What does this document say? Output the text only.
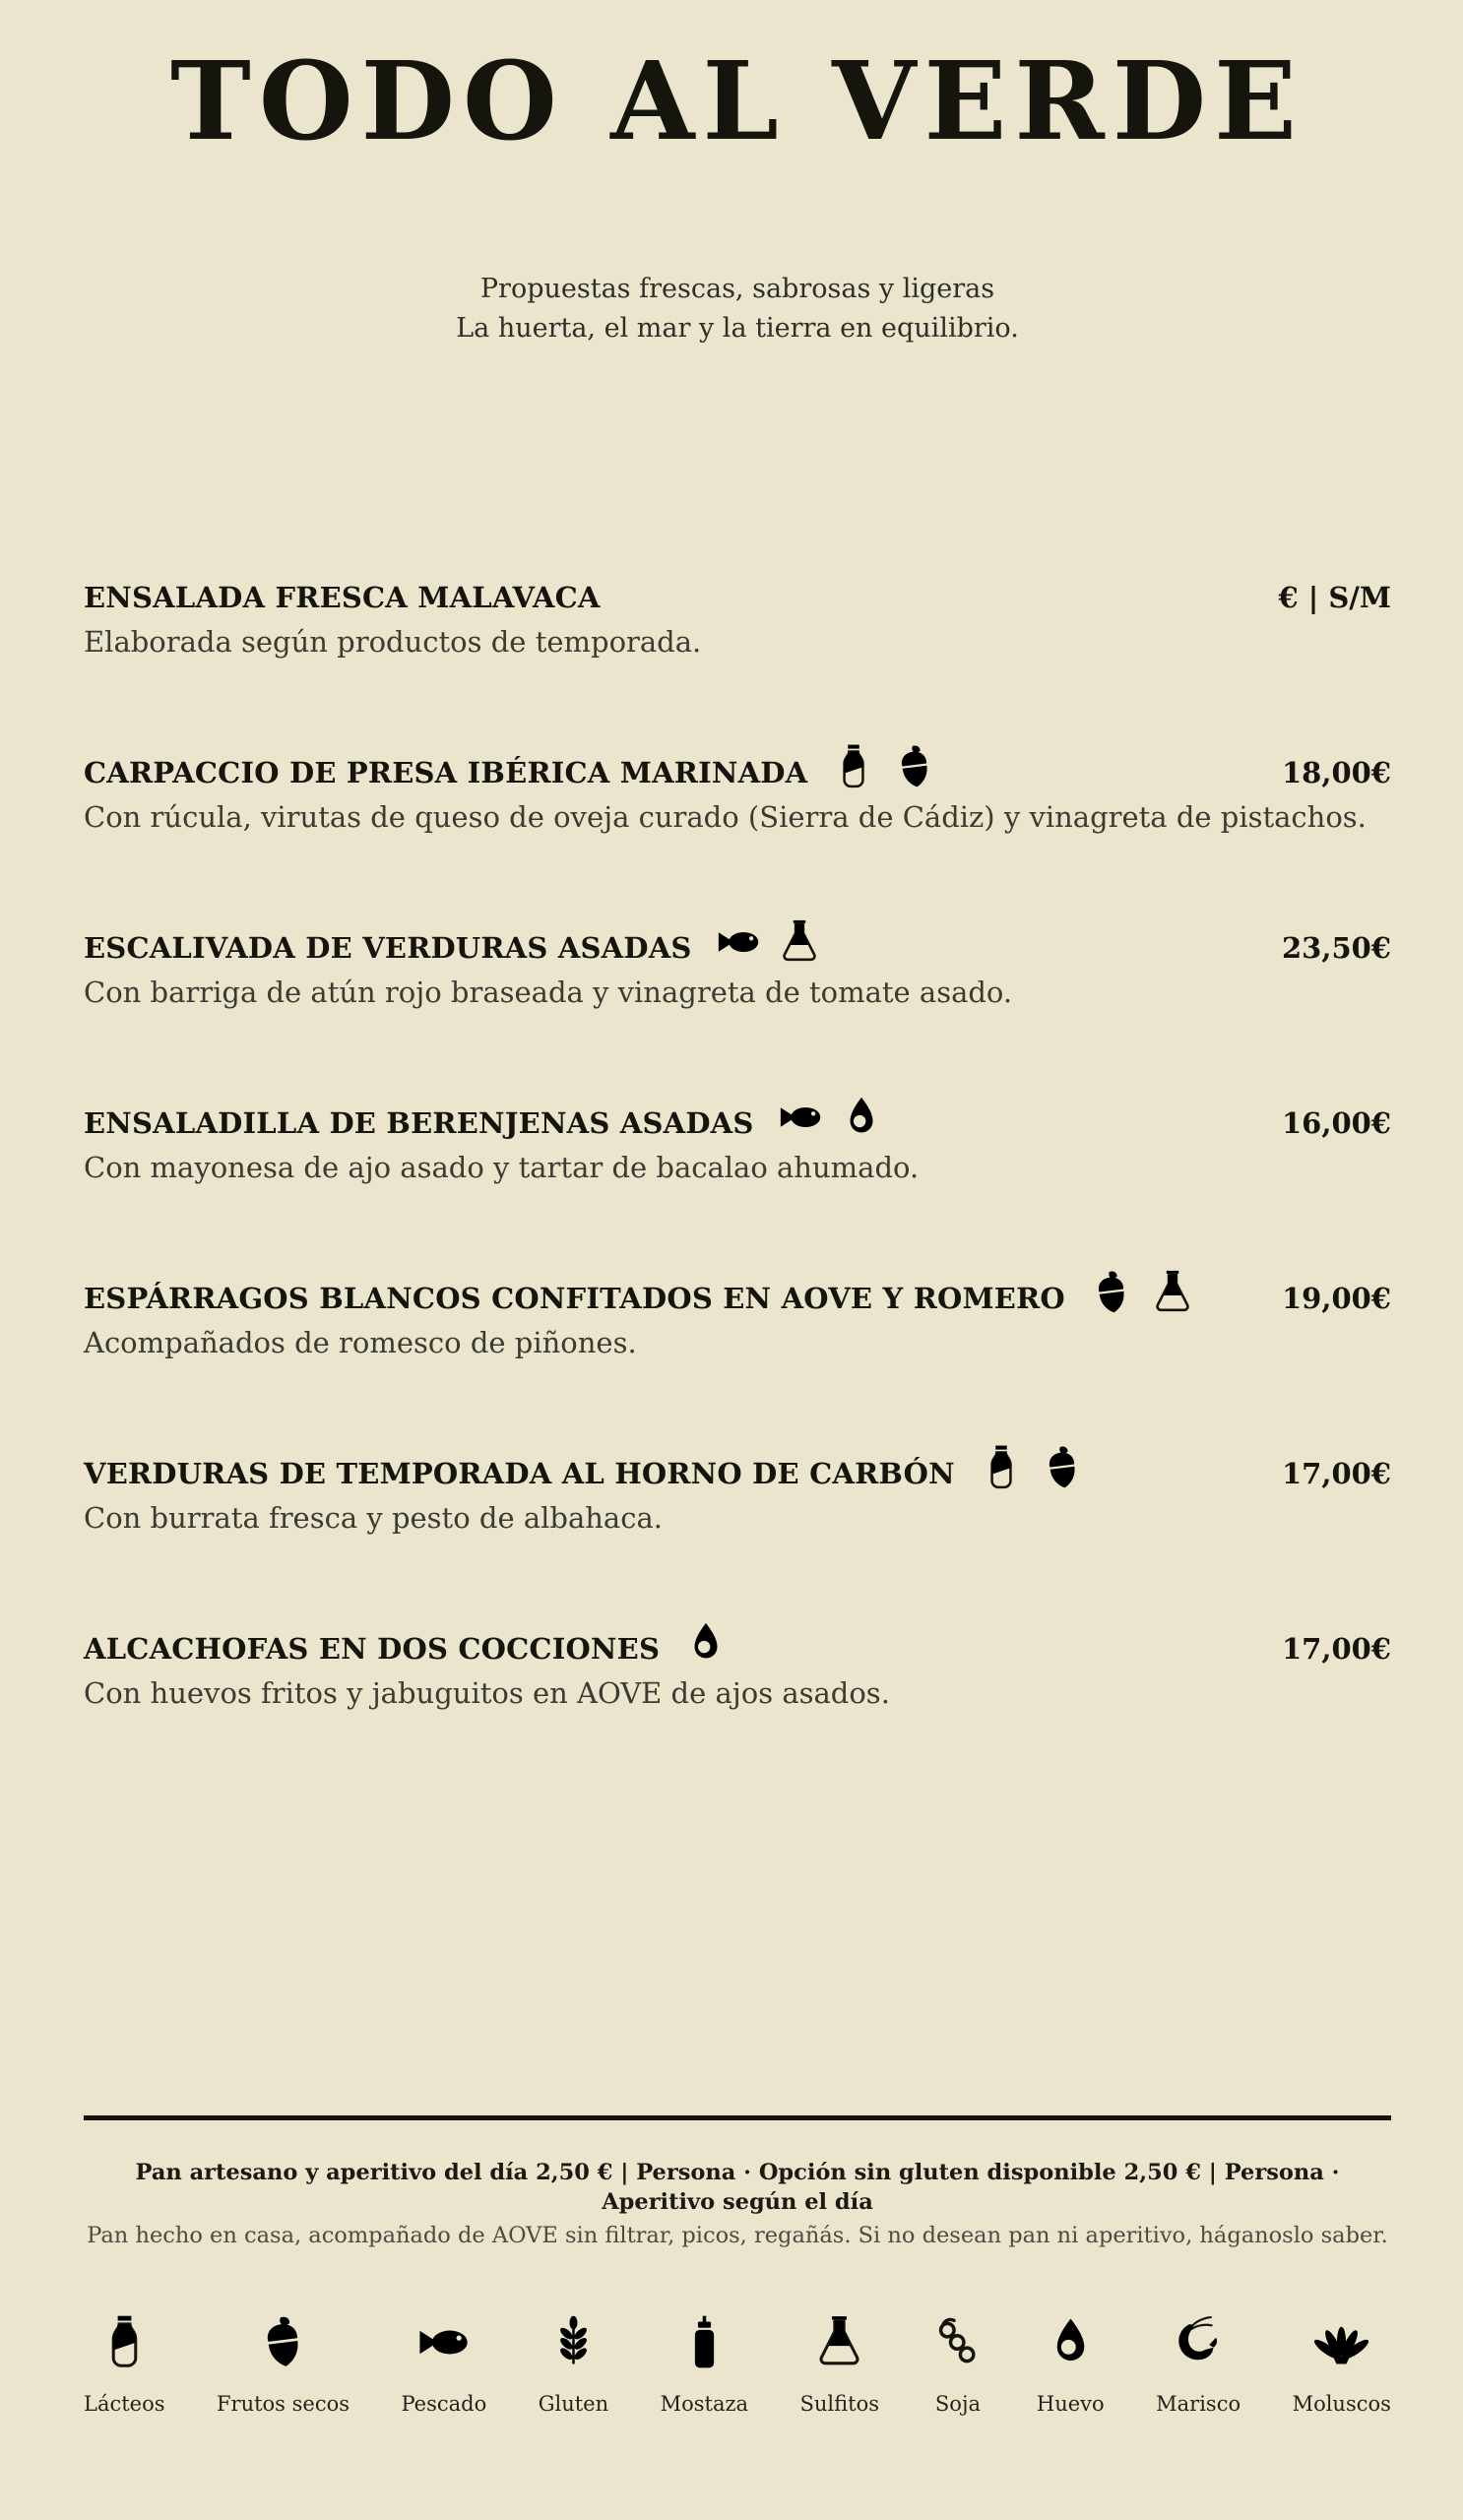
TODO AL VERDE

Propuestas frescas, sabrosas y ligeras
La huerta, el mar y la tierra en equilibrio.

ENSALADA FRESCA MALAVACA	€ | S/M

Elaborada según productos de temporada.

CARPACCIO DE PRESA IBÉRICA MARINADA	18,00€

Con rúcula, virutas de queso de oveja curado (Sierra de Cádiz) y vinagreta de pistachos.

ESCALIVADA DE VERDURAS ASADAS	23,50€

Con barriga de atún rojo braseada y vinagreta de tomate asado.

ENSALADILLA DE BERENJENAS ASADAS	16,00€

Con mayonesa de ajo asado y tartar de bacalao ahumado.

ESPÁRRAGOS BLANCOS CONFITADOS EN AOVE Y ROMERO	19,00€

Acompañados de romesco de piñones.

VERDURAS DE TEMPORADA AL HORNO DE CARBÓN	17,00€

Con burrata fresca y pesto de albahaca.

ALCACHOFAS EN DOS COCCIONES	17,00€

Con huevos fritos y jabuguitos en AOVE de ajos asados.

Pan artesano y aperitivo del día 2,50 € | Persona · Opción sin gluten disponible 2,50 € | Persona · Aperitivo según el día

Pan hecho en casa, acompañado de AOVE sin filtrar, picos, regañás. Si no desean pan ni aperitivo, háganoslo saber.

Lácteos Frutos secos Pescado Gluten Mostaza Sulfitos	Soja	Huevo Marisco Moluscos
